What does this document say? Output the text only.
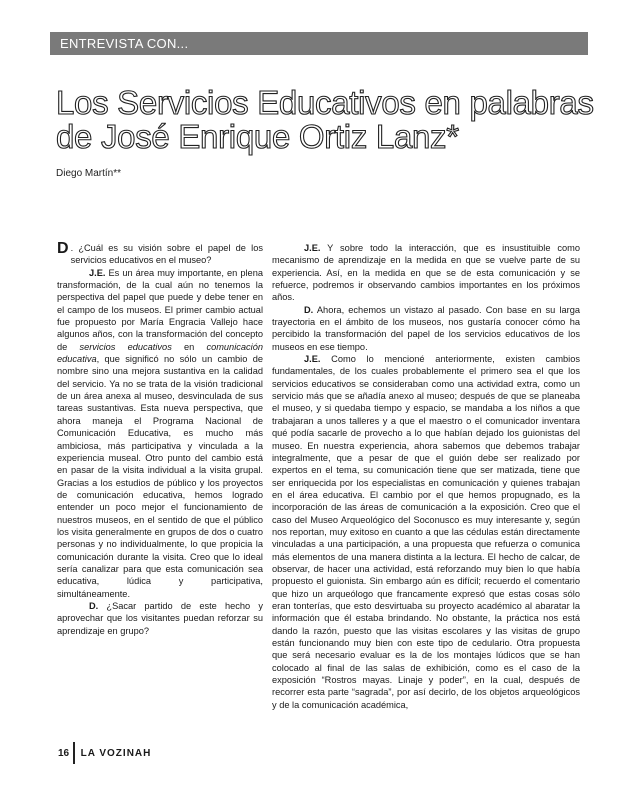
ENTREVISTA CON...
Los Servicios Educativos en palabras de José Enrique Ortiz Lanz*
Diego Martín**

D . ¿Cuál es su visión sobre el papel de los servicios educativos en el museo?

J.E. Es un área muy importante, en plena transformación, de la cual aún no tenemos la perspectiva del papel que puede y debe tener en el campo de los museos. El primer cambio actual fue propuesto por María Engracia Vallejo hace algunos años, con la transformación del concepto de servicios educativos en comunicación educativa, que significó no sólo un cambio de nombre sino una mejora sustantiva en la calidad del servicio. Ya no se trata de la visión tradicional de un área anexa al museo, desvinculada de sus tareas sustantivas. Esta nueva perspectiva, que ahora maneja el Programa Nacional de Comunicación Educativa, es mucho más ambiciosa, más participativa y vinculada a la experiencia museal. Otro punto del cambio está en pasar de la visita individual a la visita grupal. Gracias a los estudios de público y los proyectos de comunicación educativa, hemos logrado entender un poco mejor el funcionamiento de nuestros museos, en el sentido de que el público los visita generalmente en grupos de dos o cuatro personas y no individualmente, lo que propicia la comunicación durante la visita. Creo que lo ideal sería canalizar para que esta comunicación sea educativa, lúdica y participativa, simultáneamente.

D. ¿Sacar partido de este hecho y aprovechar que los visitantes puedan reforzar su aprendizaje en grupo?

J.E. Y sobre todo la interacción, que es insustituible como mecanismo de aprendizaje en la medida en que se vuelve parte de su experiencia. Así, en la medida en que se de esta comunicación y se refuerce, podremos ir observando cambios importantes en los próximos años.

D. Ahora, echemos un vistazo al pasado. Con base en su larga trayectoria en el ámbito de los museos, nos gustaría conocer cómo ha percibido la transformación del papel de los servicios educativos de los museos en ese tiempo.

J.E. Como lo mencioné anteriormente, existen cambios fundamentales, de los cuales probablemente el primero sea el que los servicios educativos se consideraban como una actividad extra, como un servicio más que se añadía anexo al museo; después de que se planeaba el museo, y si quedaba tiempo y espacio, se mandaba a los niños a que trabajaran a unos talleres y a que el maestro o el comunicador inventara qué podía sacarle de provecho a lo que habían dejado los guionistas del museo. En nuestra experiencia, ahora sabemos que debemos trabajar integralmente, que a pesar de que el guión debe ser realizado por expertos en el tema, su comunicación tiene que ser matizada, tiene que ser enriquecida por los especialistas en comunicación y quienes trabajan en el área educativa. El cambio por el que hemos propugnado, es la incorporación de las áreas de comunicación a la exposición. Creo que el caso del Museo Arqueológico del Soconusco es muy interesante y, según nos reportan, muy exitoso en cuanto a que las cédulas están directamente vinculadas a una participación, a una propuesta que refuerza o comunica más elementos de una manera distinta a la lectura. El hecho de calcar, de observar, de hacer una actividad, está reforzando muy bien lo que había propuesto el guionista. Sin embargo aún es difícil; recuerdo el comentario que hizo un arqueólogo que francamente expresó que estas cosas sólo eran tonterías, que esto desvirtuaba su proyecto académico al abaratar la información que él estaba brindando. No obstante, la práctica nos está dando la razón, puesto que las visitas escolares y las visitas de grupo están funcionando muy bien con este tipo de cedulario. Otra propuesta que será necesario evaluar es la de los montajes lúdicos que se han colocado al final de las salas de exhibición, como es el caso de la exposición “Rostros mayas. Linaje y poder”, en la cual, después de recorrer esta parte “sagrada”, por así decirlo, de los objetos arqueológicos y de la comunicación académica,

16 LA VOZINAH
